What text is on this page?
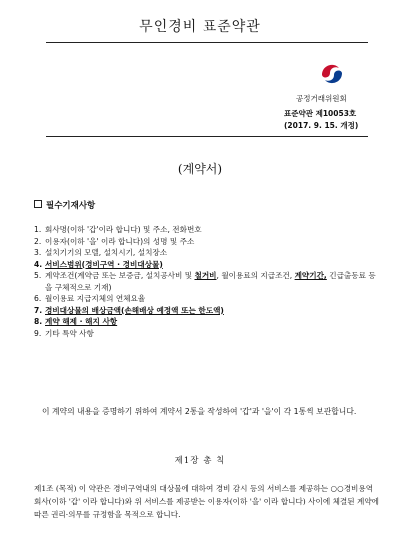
무인경비 표준약관
공정거래위원회
표준약관 제10053호
(2017. 9. 15. 개정)
(계약서)
필수기재사항
1. 회사명(이하 '갑'이라 합니다) 및 주소, 전화번호
2. 이용자(이하 '을' 이라 합니다)의 성명 및 주소
3. 설치기기의 모델, 설치시기, 설치장소
4. 서비스범위(경비구역 · 경비대상물)
5. 계약조건(계약금 또는 보증금, 설치공사비 및 철거비, 월이용료의 지급조건, 계약기간, 긴급출동료 등을 구체적으로 기재)
6. 월이용료 지급지체의 연체요율
7. 경비대상물의 배상금액(손해배상 예정액 또는 한도액)
8. 계약 해제 · 해지 사항
9. 기타 특약 사항
이 계약의 내용을 증명하기 위하여 계약서 2통을 작성하여 '갑'과 '을'이 각 1통씩 보관합니다.
제1장 총 칙
제1조 (목적) 이 약관은 경비구역내의 대상물에 대하여 경비 감시 등의 서비스를 제공하는 ○○경비용역회사(이하 '갑' 이라 합니다)와 위 서비스를 제공받는 이용자(이하 '을' 이라 합니다) 사이에 체결된 계약에 따른 권리·의무를 규정함을 목적으로 합니다.
